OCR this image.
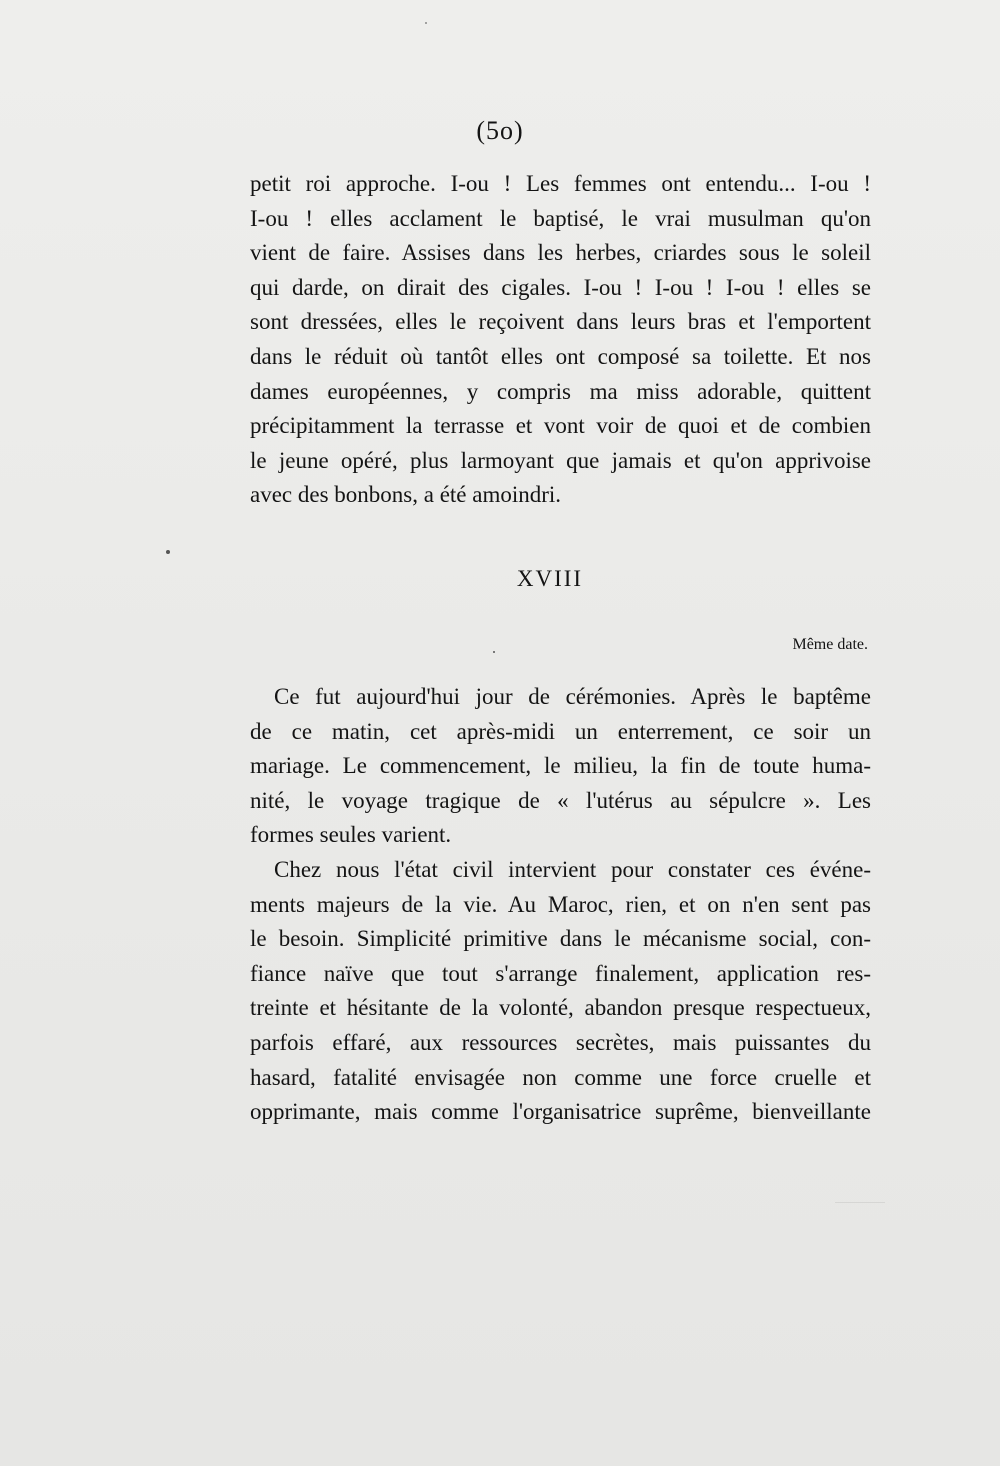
(5o)
petit roi approche. I-ou ! Les femmes ont entendu... I-ou !
I-ou ! elles acclament le baptisé, le vrai musulman qu'on
vient de faire. Assises dans les herbes, criardes sous le soleil
qui darde, on dirait des cigales. I-ou ! I-ou ! I-ou ! elles se
sont dressées, elles le reçoivent dans leurs bras et l'emportent
dans le réduit où tantôt elles ont composé sa toilette. Et nos
dames européennes, y compris ma miss adorable, quittent
précipitamment la terrasse et vont voir de quoi et de combien
le jeune opéré, plus larmoyant que jamais et qu'on apprivoise
avec des bonbons, a été amoindri.
XVIII
Même date.
Ce fut aujourd'hui jour de cérémonies. Après le baptême
de ce matin, cet après-midi un enterrement, ce soir un
mariage. Le commencement, le milieu, la fin de toute huma-
nité, le voyage tragique de « l'utérus au sépulcre ». Les
formes seules varient.
Chez nous l'état civil intervient pour constater ces événe-
ments majeurs de la vie. Au Maroc, rien, et on n'en sent pas
le besoin. Simplicité primitive dans le mécanisme social, con-
fiance naïve que tout s'arrange finalement, application res-
treinte et hésitante de la volonté, abandon presque respectueux,
parfois effaré, aux ressources secrètes, mais puissantes du
hasard, fatalité envisagée non comme une force cruelle et
opprimante, mais comme l'organisatrice suprême, bienveillante
